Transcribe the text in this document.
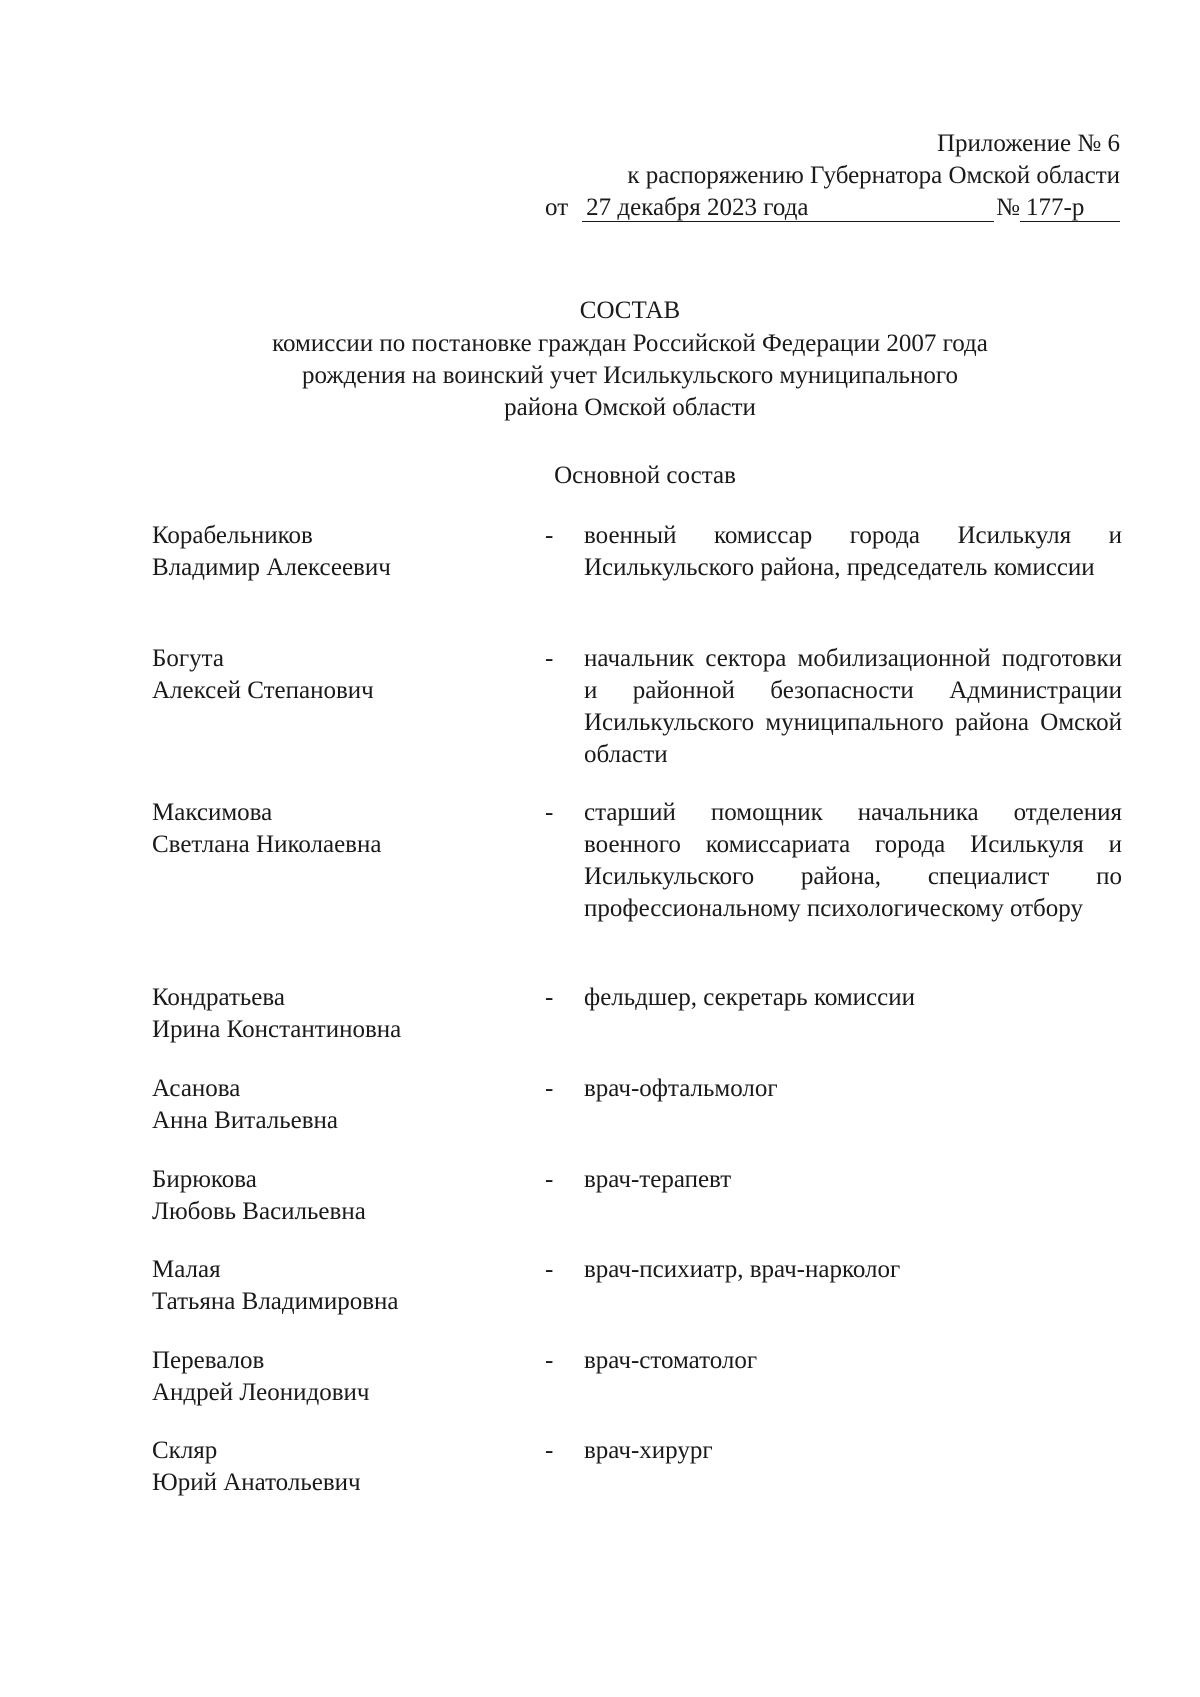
Приложение № 6
к распоряжению Губернатора Омской области
от 27 декабря 2023 года	№ 177-р
СОСТАВ
комиссии по постановке граждан Российской Федерации 2007 года
рождения на воинский учет Исилькульского муниципального
района Омской области
Основной состав
Корабельников
Владимир Алексеевич
- военный комиссар города Исилькуля и Исилькульского района, председатель комиссии
Богута
Алексей Степанович
- начальник сектора мобилизационной подготовки и районной безопасности Администрации Исилькульского муниципального района Омской области
Максимова
Светлана Николаевна
- старший помощник начальника отделения военного комиссариата города Исилькуля и Исилькульского района, специалист по профессиональному психологическому отбору
Кондратьева
Ирина Константиновна
- фельдшер, секретарь комиссии
Асанова
Анна Витальевна
- врач-офтальмолог
Бирюкова
Любовь Васильевна
- врач-терапевт
Малая
Татьяна Владимировна
- врач-психиатр, врач-нарколог
Перевалов
Андрей Леонидович
- врач-стоматолог
Скляр
Юрий Анатольевич
- врач-хирург
